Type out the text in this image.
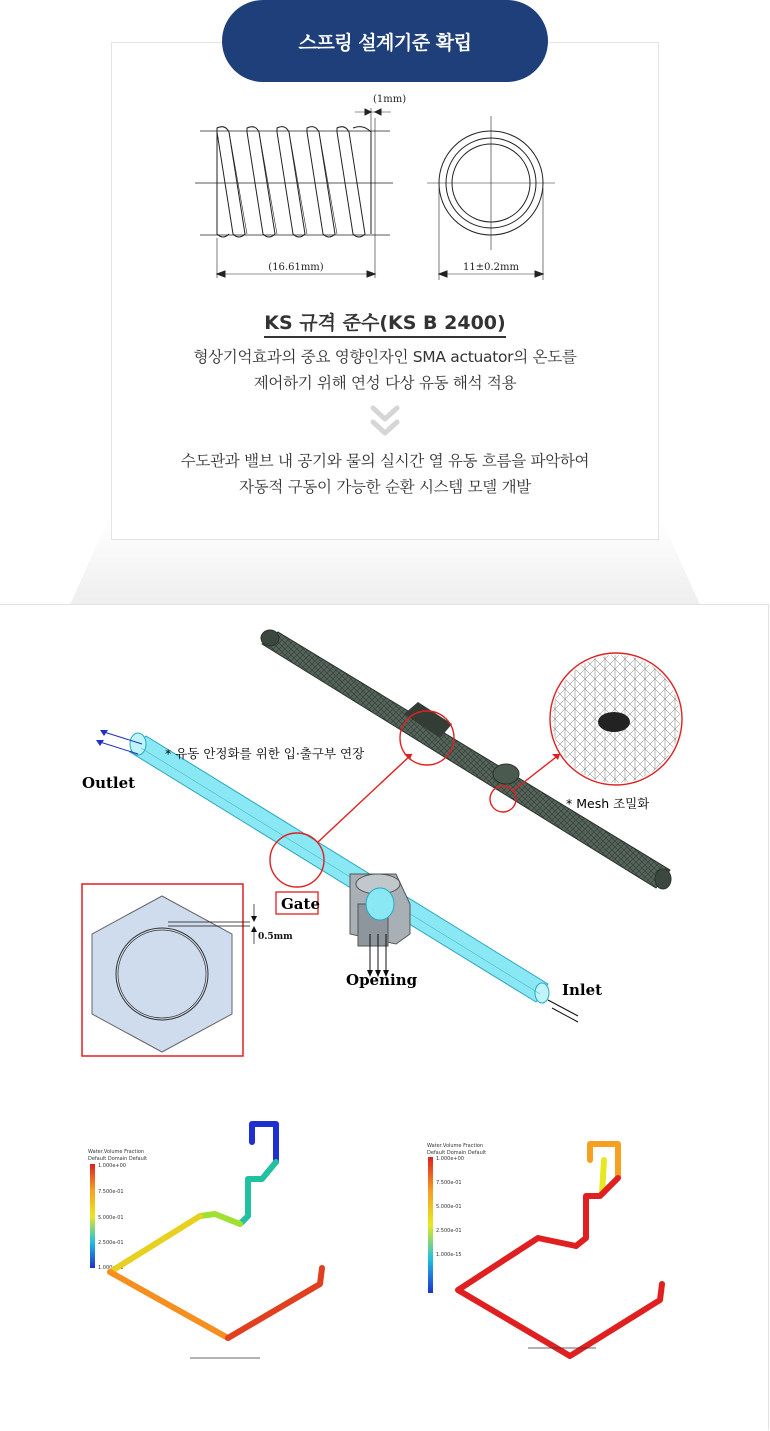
스프링 설계기준 확립
(1mm)
(16.61mm)	11±0.2mm
KS 규격 준수(KS B 2400)
형상기억효과의 중요 영향인자인 SMA actuator의 온도를
제어하기 위해 연성 다상 유동 해석 적용
수도관과 밸브 내 공기와 물의 실시간 열 유동 흐름을 파악하여
자동적 구동이 가능한 순환 시스템 모델 개발
* 유동 안정화를 위한 입·출구부 연장
* Mesh 조밀화
Outlet
Gate
Opening
Inlet
0.5mm
Water.Volume Fraction
Default Domain Default
1.000e+00
7.500e-01
5.000e-01
2.500e-01
1.000e-15
Water.Volume Fraction
Default Domain Default
1.000e+00
7.500e-01
5.000e-01
2.500e-01
1.000e-15
